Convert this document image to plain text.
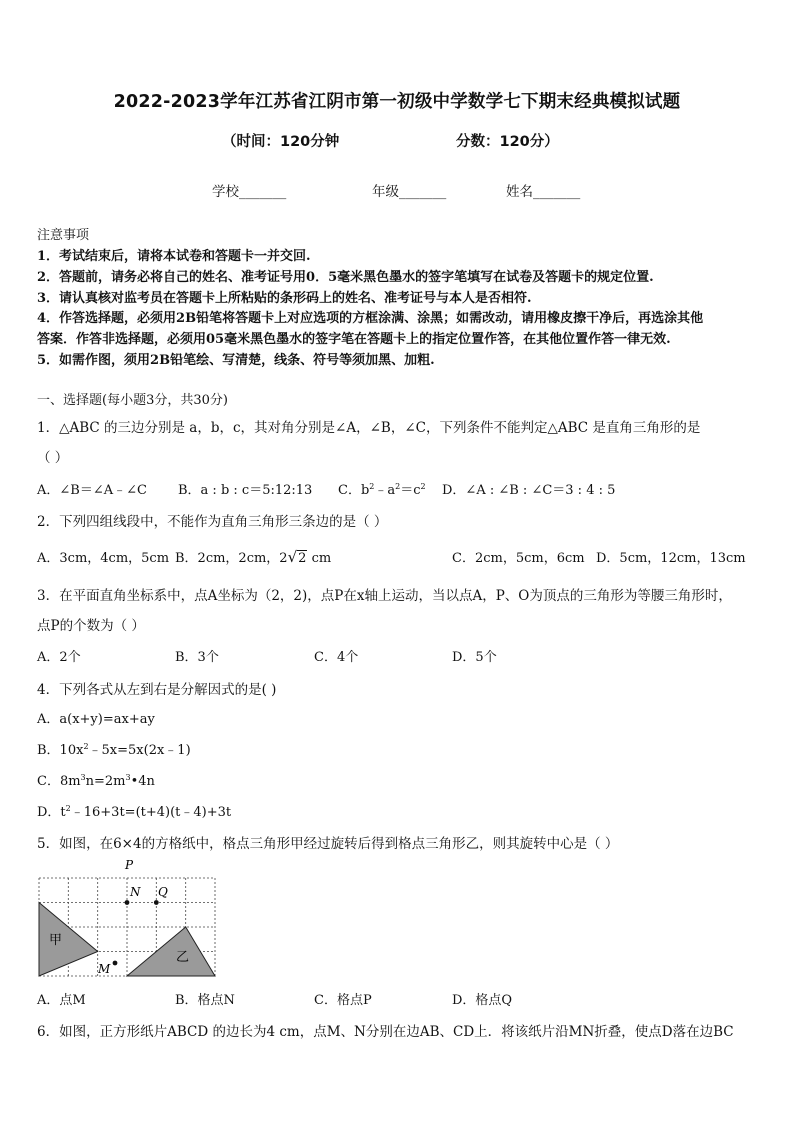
2022-2023学年江苏省江阴市第一初级中学数学七下期末经典模拟试题
（时间：120分钟	分数：120分）
学校_______	年级_______	姓名_______
注意事项
1．考试结束后，请将本试卷和答题卡一并交回.
2．答题前，请务必将自己的姓名、准考证号用0．5毫米黑色墨水的签字笔填写在试卷及答题卡的规定位置.
3．请认真核对监考员在答题卡上所粘贴的条形码上的姓名、准考证号与本人是否相符.
4．作答选择题，必须用2B铅笔将答题卡上对应选项的方框涂满、涂黑；如需改动，请用橡皮擦干净后，再选涂其他
答案．作答非选择题，必须用05毫米黑色墨水的签字笔在答题卡上的指定位置作答，在其他位置作答一律无效.
5．如需作图，须用2B铅笔绘、写清楚，线条、符号等须加黑、加粗.
一、选择题(每小题3分，共30分)
1．△ABC 的三边分别是 a，b，c，其对角分别是∠A，∠B，∠C，下列条件不能判定△ABC 是直角三角形的是
（ ）
A．∠B＝∠A﹣∠C B．a : b : c＝5:12:13 C．$b^2﹣a^2=c^2$ D．∠A : ∠B : ∠C＝3 : 4 : 5
2．下列四组线段中，不能作为直角三角形三条边的是（ ）
A．3cm，4cm，5cm B．2cm，2cm，2√2 cm	C．2cm，5cm，6cm D．5cm，12cm，13cm
3．在平面直角坐标系中，点A坐标为（2，2)，点P在x轴上运动，当以点A，P、O为顶点的三角形为等腰三角形时，
点P的个数为（ ）
A．2个	B．3个	C．4个	D．5个
4．下列各式从左到右是分解因式的是( )
A．a(x+y)=ax+ay
B．$10x^2﹣5x=5x(2x﹣1)$
C．$8m^3n=2m^3•4n$
D．$t^2﹣16+3t=(t+4)(t﹣4)+3t$
5．如图，在6×4的方格纸中，格点三角形甲经过旋转后得到格点三角形乙，则其旋转中心是（ ）
P
N Q
M
甲
乙
A．点M	B．格点N	C．格点P	D．格点Q
6．如图，正方形纸片ABCD 的边长为4 cm，点M、N分别在边AB、CD上．将该纸片沿MN折叠，使点D落在边BC
